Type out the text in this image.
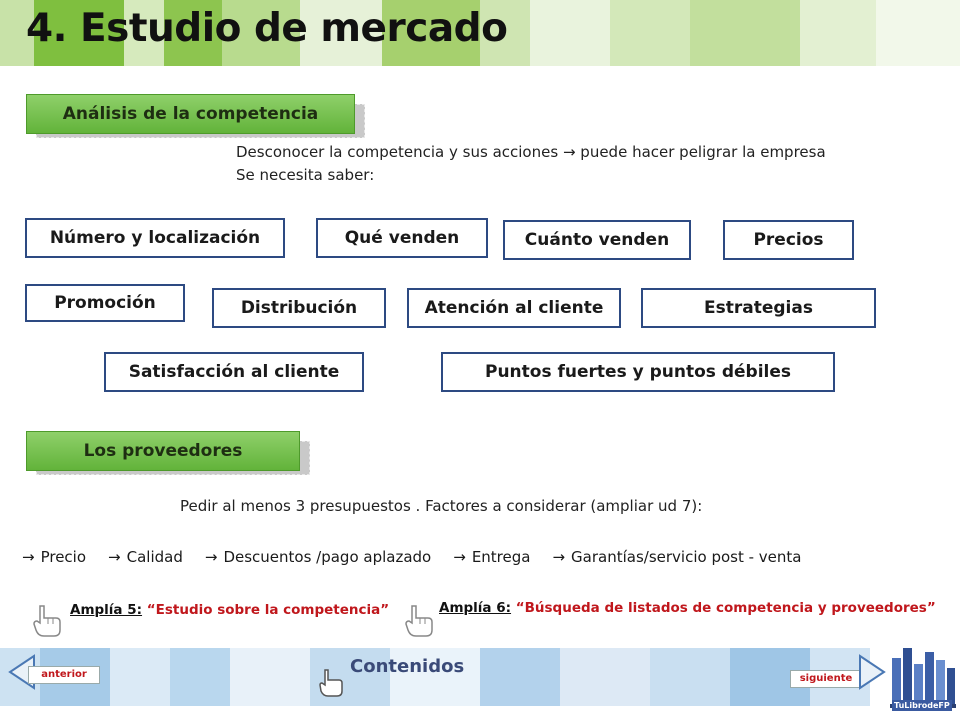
4. Estudio de mercado
Análisis de la competencia
Desconocer la competencia y sus acciones → puede hacer peligrar la empresa
Se necesita saber:
Número y localización	Qué venden	Cuánto venden	Precios
Promoción	Distribución	Atención al cliente	Estrategias
Satisfacción al cliente	Puntos fuertes y puntos débiles
Los proveedores
Pedir al menos 3 presupuestos . Factores a considerar (ampliar ud 7):
→ Precio → Calidad → Descuentos /pago aplazado → Entrega → Garantías/servicio post - venta
Amplía 5: “Estudio sobre la competencia”	Amplía 6: “Búsqueda de listados de competencia y proveedores”
anterior	Contenidos
siguiente
TuLibrodeFP
